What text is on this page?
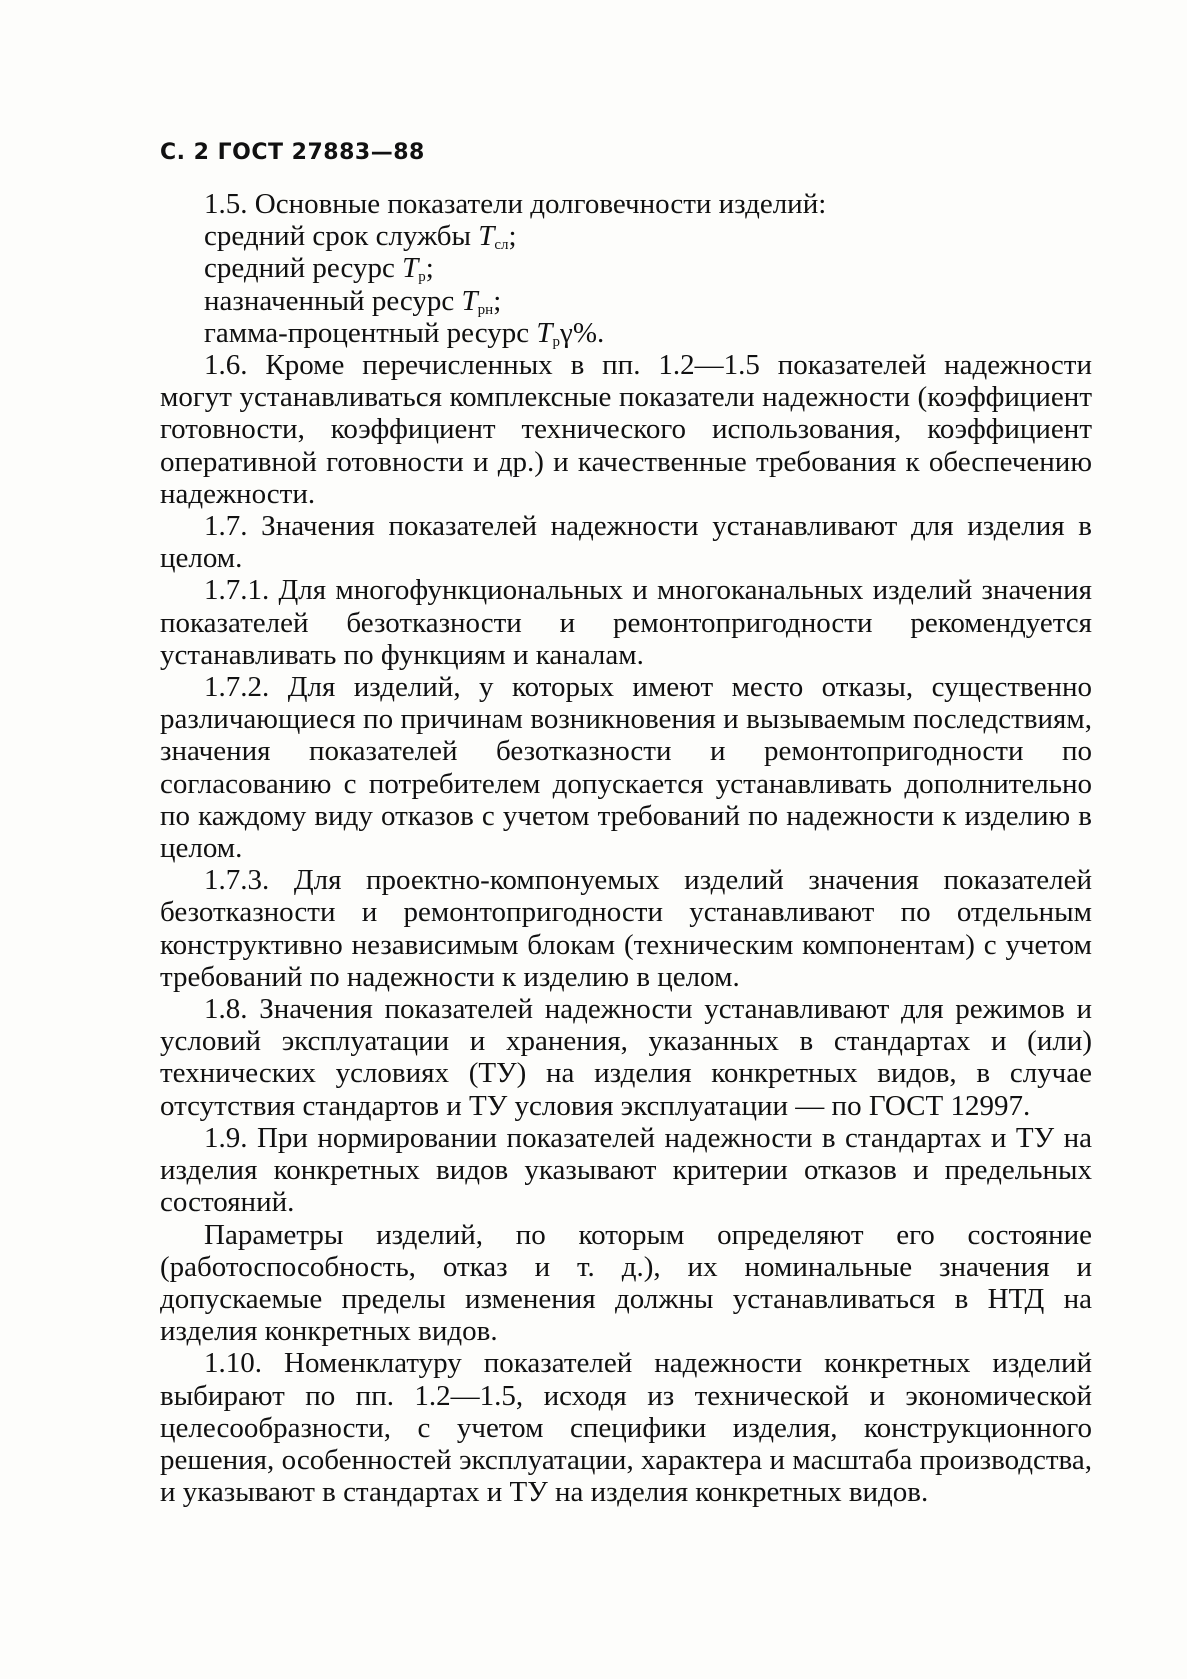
С. 2 ГОСТ 27883—88

1.5. Основные показатели долговечности изделий:

средний срок службы $T_{сл}$;

средний ресурс $T_р$;

назначенный ресурс $T_{рн}$;

гамма-процентный ресурс $T_р\gamma\%$.

1.6. Кроме перечисленных в пп. 1.2—1.5 показателей надежности могут устанавливаться комплексные показатели надежности (коэффициент готовности, коэффициент технического использования, коэффициент оперативной готовности и др.) и качественные требования к обеспечению надежности.

1.7. Значения показателей надежности устанавливают для изделия в целом.

1.7.1. Для многофункциональных и многоканальных изделий значения показателей безотказности и ремонтопригодности рекомендуется устанавливать по функциям и каналам.

1.7.2. Для изделий, у которых имеют место отказы, существенно различающиеся по причинам возникновения и вызываемым последствиям, значения показателей безотказности и ремонтопригодности по согласованию с потребителем допускается устанавливать дополнительно по каждому виду отказов с учетом требований по надежности к изделию в целом.

1.7.3. Для проектно-компонуемых изделий значения показателей безотказности и ремонтопригодности устанавливают по отдельным конструктивно независимым блокам (техническим компонентам) с учетом требований по надежности к изделию в целом.

1.8. Значения показателей надежности устанавливают для режимов и условий эксплуатации и хранения, указанных в стандартах и (или) технических условиях (ТУ) на изделия конкретных видов, в случае отсутствия стандартов и ТУ условия эксплуатации — по ГОСТ 12997.

1.9. При нормировании показателей надежности в стандартах и ТУ на изделия конкретных видов указывают критерии отказов и предельных состояний.

Параметры изделий, по которым определяют его состояние (работоспособность, отказ и т. д.), их номинальные значения и допускаемые пределы изменения должны устанавливаться в НТД на изделия конкретных видов.

1.10. Номенклатуру показателей надежности конкретных изделий выбирают по пп. 1.2—1.5, исходя из технической и экономической целесообразности, с учетом специфики изделия, конструкционного решения, особенностей эксплуатации, характера и масштаба производства, и указывают в стандартах и ТУ на изделия конкретных видов.
